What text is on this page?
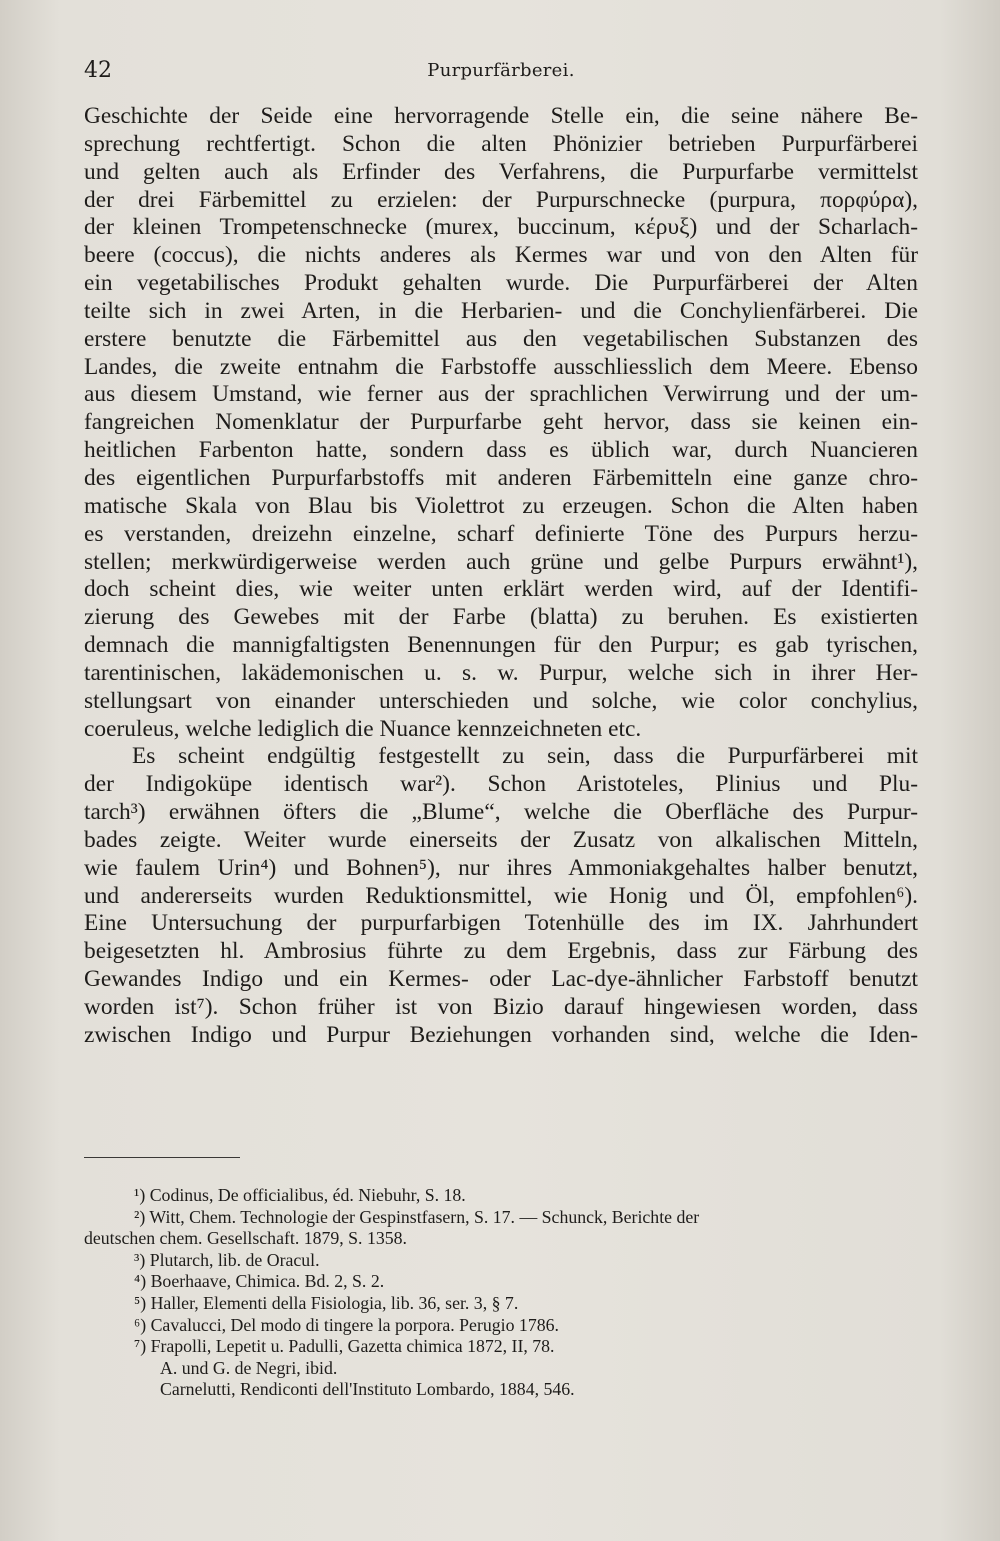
42	Purpurfärberei.
Geschichte der Seide eine hervorragende Stelle ein, die seine nähere Be-
sprechung rechtfertigt. Schon die alten Phönizier betrieben Purpurfärberei
und gelten auch als Erfinder des Verfahrens, die Purpurfarbe vermittelst
der drei Färbemittel zu erzielen: der Purpurschnecke (purpura, πορφύρα),
der kleinen Trompetenschnecke (murex, buccinum, κέρυξ) und der Scharlach-
beere (coccus), die nichts anderes als Kermes war und von den Alten für
ein vegetabilisches Produkt gehalten wurde. Die Purpurfärberei der Alten
teilte sich in zwei Arten, in die Herbarien- und die Conchylienfärberei. Die
erstere benutzte die Färbemittel aus den vegetabilischen Substanzen des
Landes, die zweite entnahm die Farbstoffe ausschliesslich dem Meere. Ebenso
aus diesem Umstand, wie ferner aus der sprachlichen Verwirrung und der um-
fangreichen Nomenklatur der Purpurfarbe geht hervor, dass sie keinen ein-
heitlichen Farbenton hatte, sondern dass es üblich war, durch Nuancieren
des eigentlichen Purpurfarbstoffs mit anderen Färbemitteln eine ganze chro-
matische Skala von Blau bis Violettrot zu erzeugen. Schon die Alten haben
es verstanden, dreizehn einzelne, scharf definierte Töne des Purpurs herzu-
stellen; merkwürdigerweise werden auch grüne und gelbe Purpurs erwähnt¹),
doch scheint dies, wie weiter unten erklärt werden wird, auf der Identifi-
zierung des Gewebes mit der Farbe (blatta) zu beruhen. Es existierten
demnach die mannigfaltigsten Benennungen für den Purpur; es gab tyrischen,
tarentinischen, lakädemonischen u. s. w. Purpur, welche sich in ihrer Her-
stellungsart von einander unterschieden und solche, wie color conchylius,
coeruleus, welche lediglich die Nuance kennzeichneten etc.
Es scheint endgültig festgestellt zu sein, dass die Purpurfärberei mit
der Indigoküpe identisch war²). Schon Aristoteles, Plinius und Plu-
tarch³) erwähnen öfters die „Blume“, welche die Oberfläche des Purpur-
bades zeigte. Weiter wurde einerseits der Zusatz von alkalischen Mitteln,
wie faulem Urin⁴) und Bohnen⁵), nur ihres Ammoniakgehaltes halber benutzt,
und andererseits wurden Reduktionsmittel, wie Honig und Öl, empfohlen⁶).
Eine Untersuchung der purpurfarbigen Totenhülle des im IX. Jahrhundert
beigesetzten hl. Ambrosius führte zu dem Ergebnis, dass zur Färbung des
Gewandes Indigo und ein Kermes- oder Lac-dye-ähnlicher Farbstoff benutzt
worden ist⁷). Schon früher ist von Bizio darauf hingewiesen worden, dass
zwischen Indigo und Purpur Beziehungen vorhanden sind, welche die Iden-
¹) Codinus, De officialibus, éd. Niebuhr, S. 18.
²) Witt, Chem. Technologie der Gespinstfasern, S. 17. — Schunck, Berichte der
deutschen chem. Gesellschaft. 1879, S. 1358.
³) Plutarch, lib. de Oracul.
⁴) Boerhaave, Chimica. Bd. 2, S. 2.
⁵) Haller, Elementi della Fisiologia, lib. 36, ser. 3, § 7.
⁶) Cavalucci, Del modo di tingere la porpora. Perugio 1786.
⁷) Frapolli, Lepetit u. Padulli, Gazetta chimica 1872, II, 78.
A. und G. de Negri, ibid.
Carnelutti, Rendiconti dell'Instituto Lombardo, 1884, 546.
